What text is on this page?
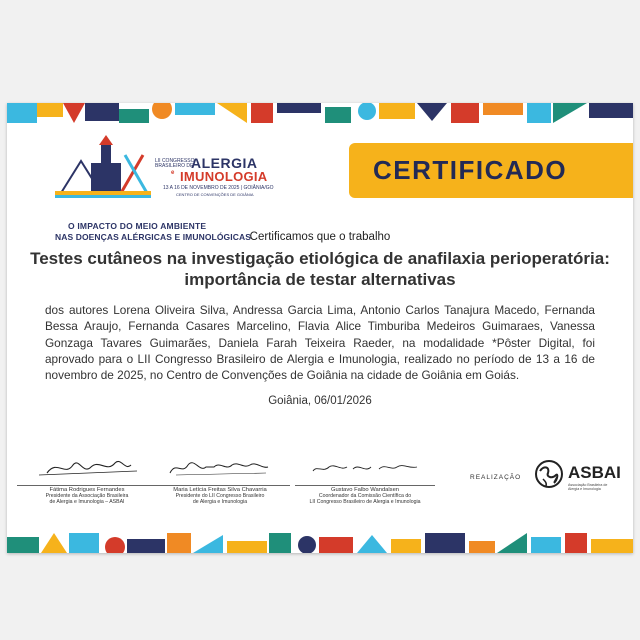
LII CONGRESSO BRASILEIRO DE
ALERGIA
e IMUNOLOGIA
13 A 16 DE NOVEMBRO DE 2025 | GOIÂNIA/GO
CENTRO DE CONVENÇÕES DE GOIÂNIA
O IMPACTO DO MEIO AMBIENTE
NAS DOENÇAS ALÉRGICAS E IMUNOLÓGICAS
CERTIFICADO
Certificamos que o trabalho
Testes cutâneos na investigação etiológica de anafilaxia perioperatória: importância de testar alternativas
dos autores Lorena Oliveira Silva, Andressa Garcia Lima, Antonio Carlos Tanajura Macedo, Fernanda Bessa Araujo, Fernanda Casares Marcelino, Flavia Alice Timburiba Medeiros Guimaraes, Vanessa Gonzaga Tavares Guimarães, Daniela Farah Teixeira Raeder, na modalidade *Pôster Digital, foi aprovado para o LII Congresso Brasileiro de Alergia e Imunologia, realizado no período de 13 a 16 de novembro de 2025, no Centro de Convenções de Goiânia na cidade de Goiânia em Goiás.
Goiânia, 06/01/2026
Fátima Rodrigues Fernandes
Presidente da Associação Brasileira
de Alergia e Imunologia – ASBAI
Maria Letícia Freitas Silva Chavarria
Presidente do LII Congresso Brasileiro
de Alergia e Imunologia
Gustavo Falbo Wandalsen
Coordenador da Comissão Científica do
LII Congresso Brasileiro de Alergia e Imunologia
REALIZAÇÃO	ASBAI
Associação Brasileira de Alergia e Imunologia
